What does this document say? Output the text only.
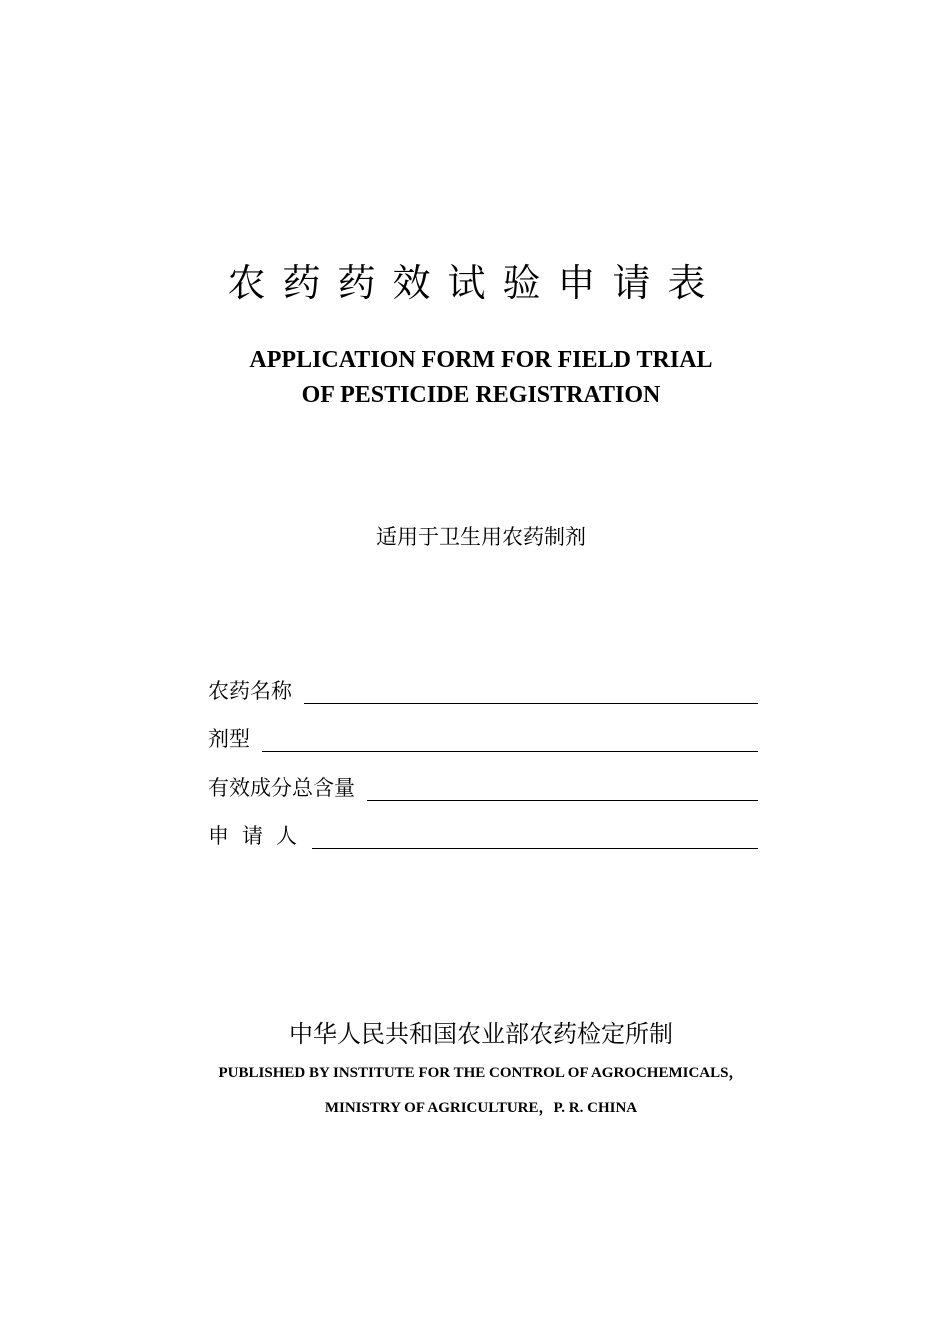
农药药效试验申请表
APPLICATION FORM FOR FIELD TRIAL
OF PESTICIDE REGISTRATION
适用于卫生用农药制剂
农药名称
剂型
有效成分总含量
申请人
中华人民共和国农业部农药检定所制
PUBLISHED BY INSTITUTE FOR THE CONTROL OF AGROCHEMICALS，
MINISTRY OF AGRICULTURE，P. R. CHINA
